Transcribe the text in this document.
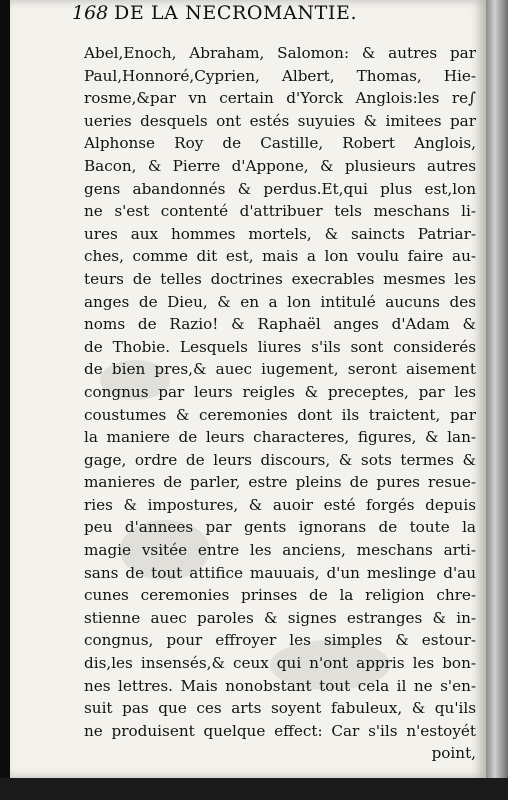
168 DE LA NECROMANTIE.
Abel,Enoch, Abraham, Salomon: & autres par
Paul,Honnoré,Cyprien, Albert, Thomas, Hie-
rosme,&par vn certain d'Yorck Anglois:les re∫
ueries desquels ont estés suyuies & imitees par
Alphonse Roy de Castille, Robert Anglois,
Bacon, & Pierre d'Appone, & plusieurs autres
gens abandonnés & perdus.Et,qui plus est,lon
ne s'est contenté d'attribuer tels meschans li-
ures aux hommes mortels, & saincts Patriar-
ches, comme dit est, mais a lon voulu faire au-
teurs de telles doctrines execrables mesmes les
anges de Dieu, & en a lon intitulé aucuns des
noms de Razio! & Raphaël anges d'Adam &
de Thobie. Lesquels liures s'ils sont considerés
de bien pres,& auec iugement, seront aisement
congnus par leurs reigles & preceptes, par les
coustumes & ceremonies dont ils traictent, par
la maniere de leurs characteres, figures, & lan-
gage, ordre de leurs discours, & sots termes &
manieres de parler, estre pleins de pures resue-
ries & impostures, & auoir esté forgés depuis
peu d'annees par gents ignorans de toute la
magie vsitée entre les anciens, meschans arti-
sans de tout attifice mauuais, d'un meslinge d'au
cunes ceremonies prinses de la religion chre-
stienne auec paroles & signes estranges & in-
congnus, pour effroyer les simples & estour-
dis,les insensés,& ceux qui n'ont appris les bon-
nes lettres. Mais nonobstant tout cela il ne s'en-
suit pas que ces arts soyent fabuleux, & qu'ils
ne produisent quelque effect: Car s'ils n'estoyét
point,
